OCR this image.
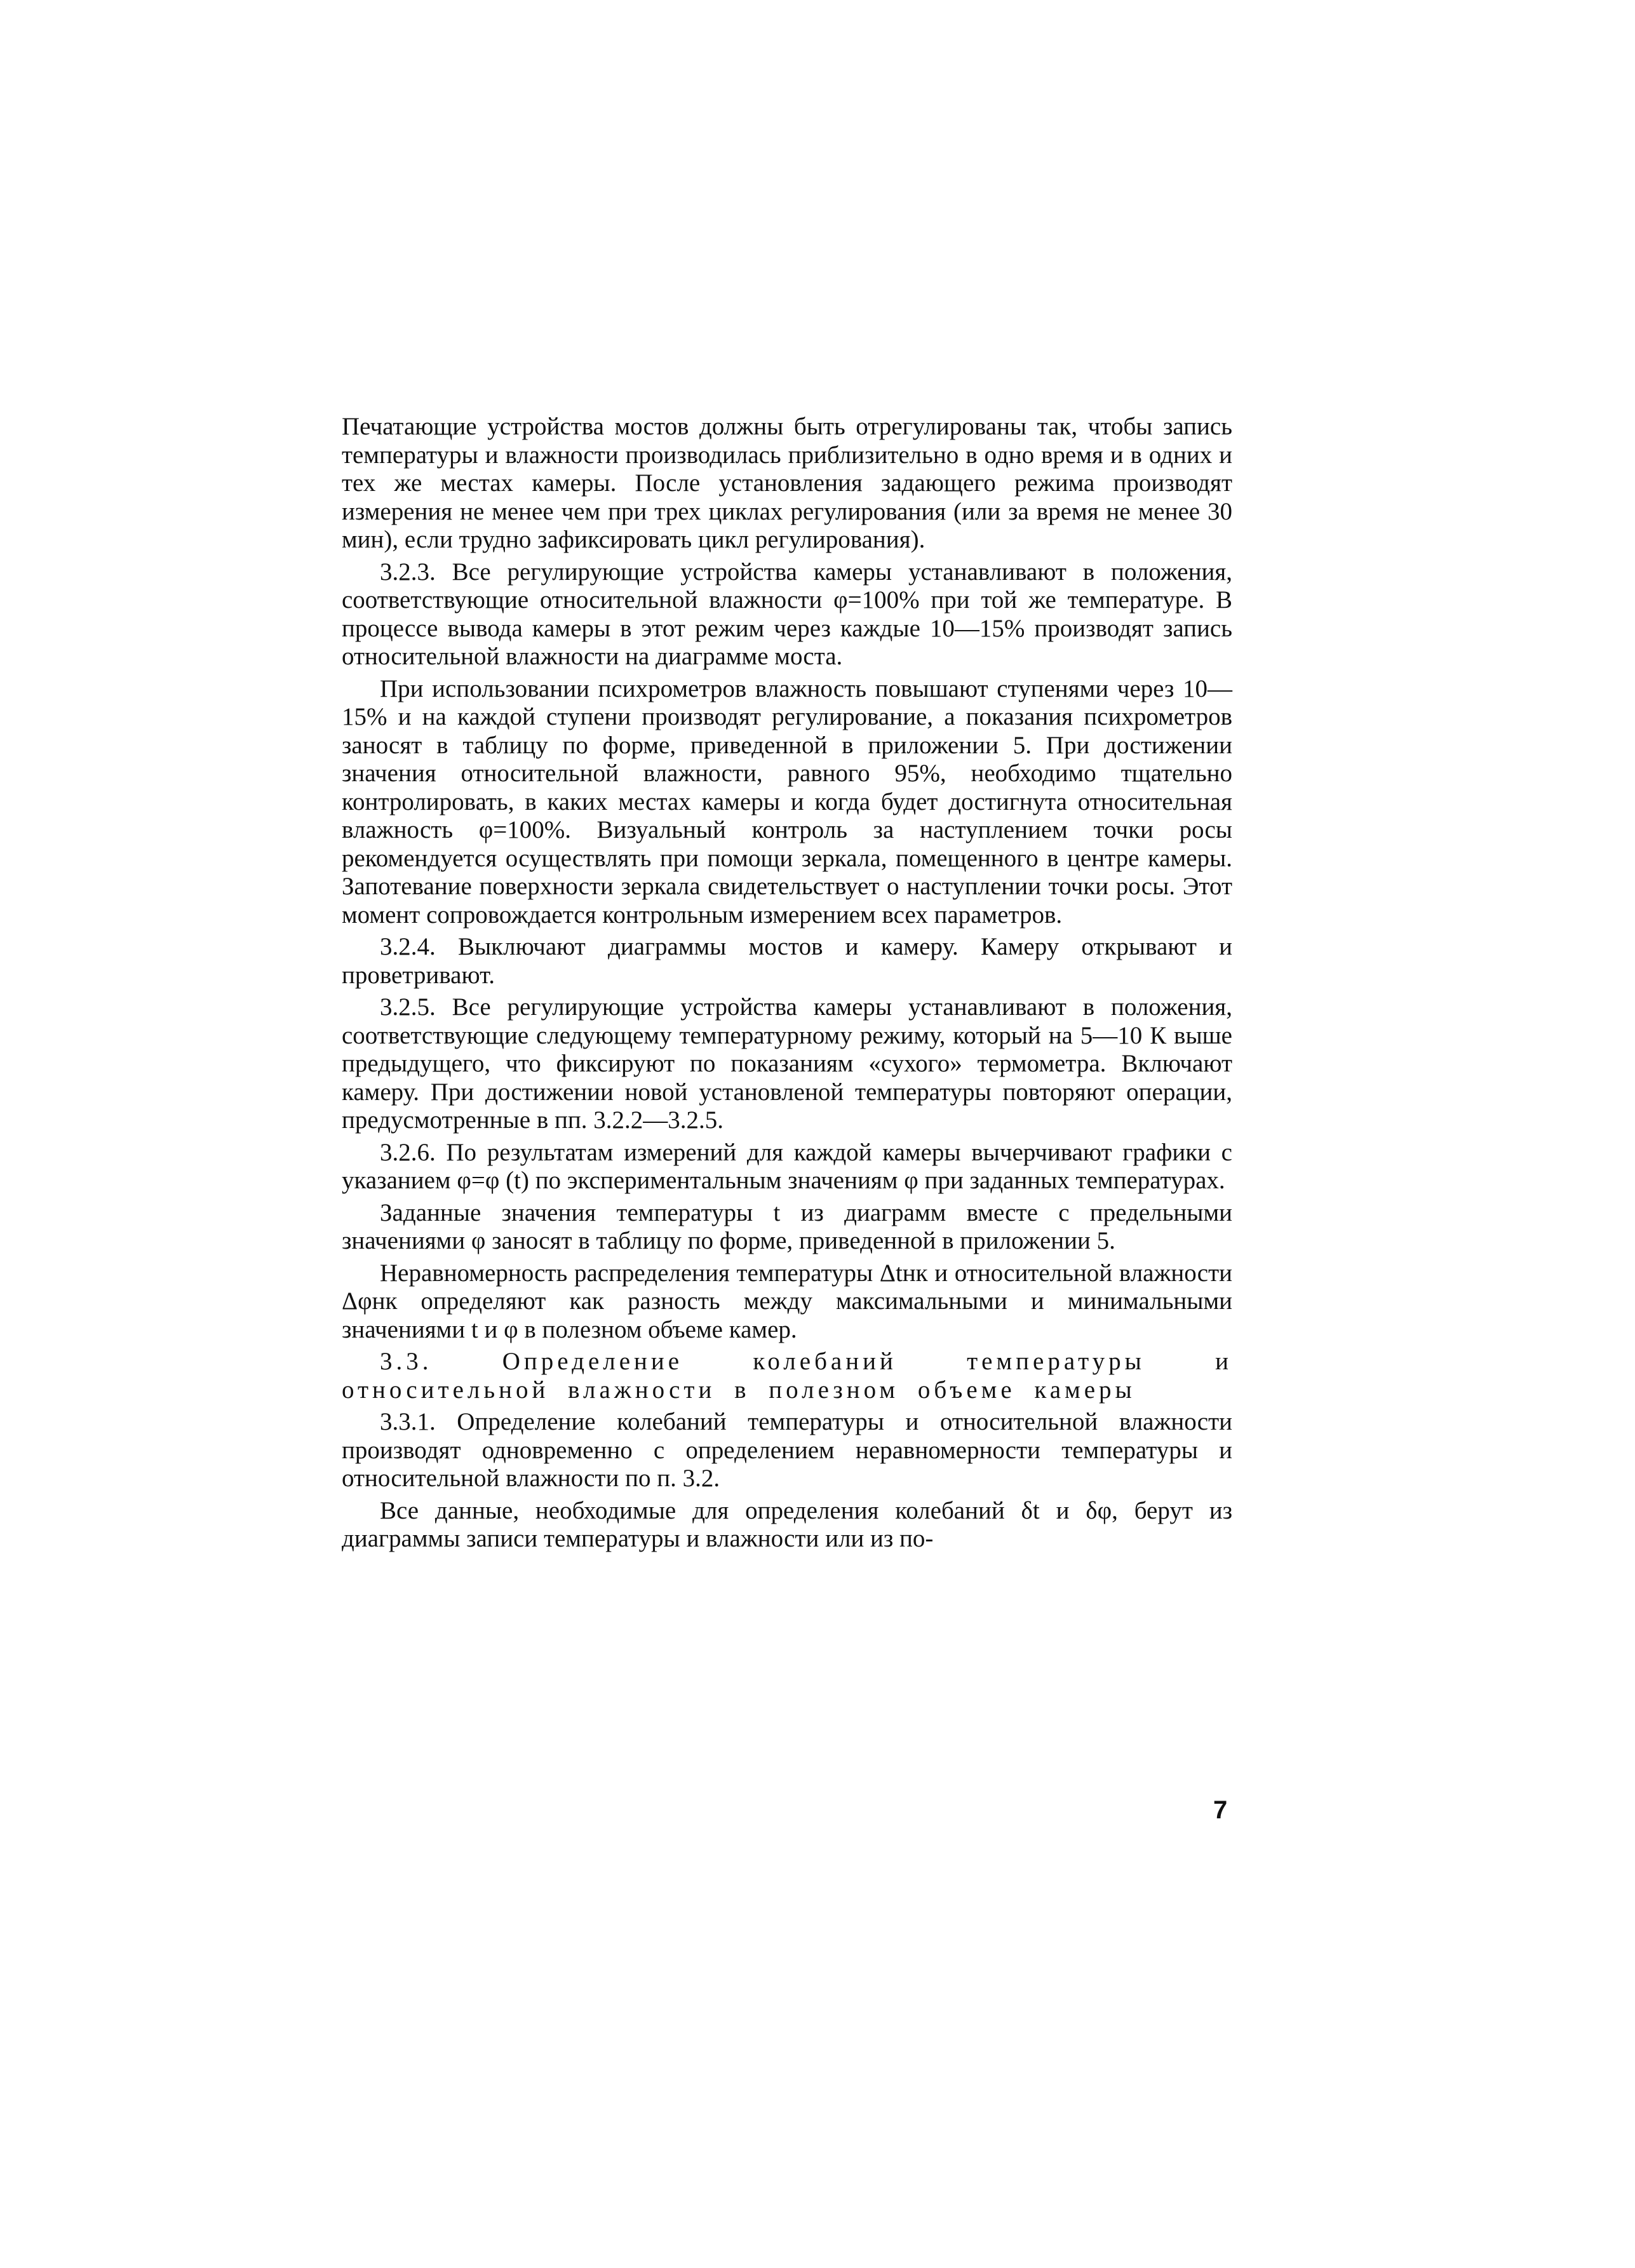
Печатающие устройства мостов должны быть отрегулированы так, чтобы запись температуры и влажности производилась приблизительно в одно время и в одних и тех же местах камеры. После установления задающего режима производят измерения не менее чем при трех циклах регулирования (или за время не менее 30 мин), если трудно зафиксировать цикл регулирования).

3.2.3. Все регулирующие устройства камеры устанавливают в положения, соответствующие относительной влажности φ=100% при той же температуре. В процессе вывода камеры в этот режим через каждые 10—15% производят запись относительной влажности на диаграмме моста.

При использовании психрометров влажность повышают ступенями через 10—15% и на каждой ступени производят регулирование, а показания психрометров заносят в таблицу по форме, приведенной в приложении 5. При достижении значения относительной влажности, равного 95%, необходимо тщательно контролировать, в каких местах камеры и когда будет достигнута относительная влажность φ=100%. Визуальный контроль за наступлением точки росы рекомендуется осуществлять при помощи зеркала, помещенного в центре камеры. Запотевание поверхности зеркала свидетельствует о наступлении точки росы. Этот момент сопровождается контрольным измерением всех параметров.

3.2.4. Выключают диаграммы мостов и камеру. Камеру открывают и проветривают.

3.2.5. Все регулирующие устройства камеры устанавливают в положения, соответствующие следующему температурному режиму, который на 5—10 К выше предыдущего, что фиксируют по показаниям «сухого» термометра. Включают камеру. При достижении новой установленой температуры повторяют операции, предусмотренные в пп. 3.2.2—3.2.5.

3.2.6. По результатам измерений для каждой камеры вычерчивают графики с указанием φ=φ (t) по экспериментальным значениям φ при заданных температурах.

Заданные значения температуры t из диаграмм вместе с предельными значениями φ заносят в таблицу по форме, приведенной в приложении 5.

Неравномерность распределения температуры Δtнк и относительной влажности Δφнк определяют как разность между максимальными и минимальными значениями t и φ в полезном объеме камер.

3.3. Определение колебаний температуры и относительной влажности в полезном объеме камеры

3.3.1. Определение колебаний температуры и относительной влажности производят одновременно с определением неравномерности температуры и относительной влажности по п. 3.2.

Все данные, необходимые для определения колебаний δt и δφ, берут из диаграммы записи температуры и влажности или из по-

7
